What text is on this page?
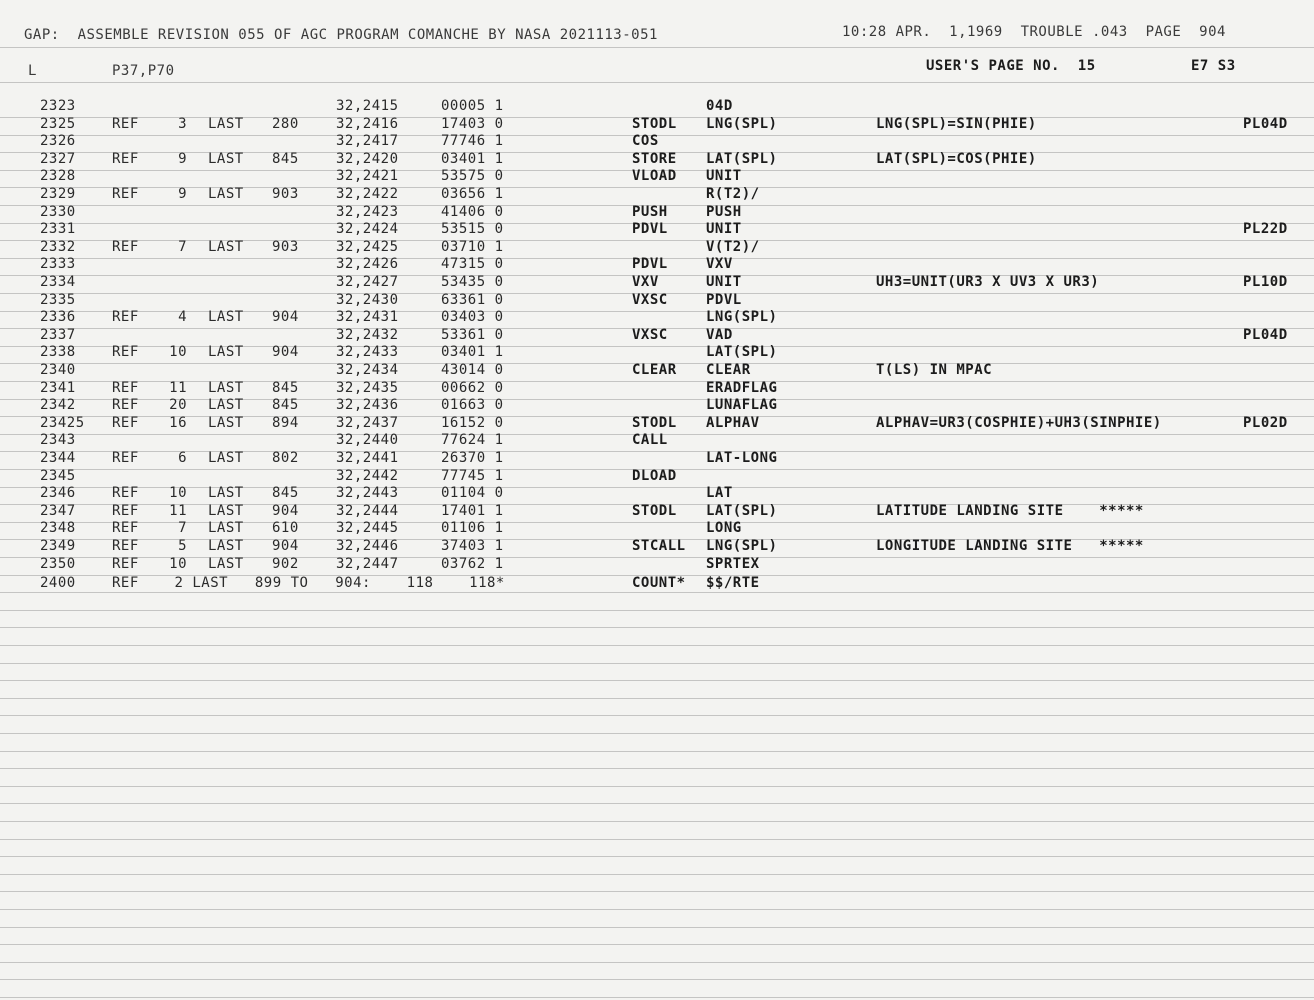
GAP:  ASSEMBLE REVISION 055 OF AGC PROGRAM COMANCHE BY NASA 2021113-051	10:28 APR.  1,1969  TROUBLE .043  PAGE  904
L	P37,P70	USER'S PAGE NO.  15	E7 S3
2323	32,2415	00005 1	04D
2325	REF	3 LAST 280	32,2416	17403 0	STODL LNG(SPL)	LNG(SPL)=SIN(PHIE)	PL04D
2326	32,2417	77746 1	COS
2327	REF	9 LAST 845	32,2420	03401 1	STORE LAT(SPL)	LAT(SPL)=COS(PHIE)
2328	32,2421	53575 0	VLOAD UNIT
2329	REF	9 LAST 903	32,2422	03656 1	R(T2)/
2330	32,2423	41406 0	PUSH	PUSH
2331	32,2424	53515 0	PDVL	UNIT	PL22D
2332	REF	7 LAST 903	32,2425	03710 1	V(T2)/
2333	32,2426	47315 0	PDVL	VXV
2334	32,2427	53435 0	VXV	UNIT	UH3=UNIT(UR3 X UV3 X UR3)	PL10D
2335	32,2430	63361 0	VXSC	PDVL
2336	REF	4 LAST 904	32,2431	03403 0	LNG(SPL)
2337	32,2432	53361 0	VXSC	VAD	PL04D
2338	REF 10 LAST 904	32,2433	03401 1	LAT(SPL)
2340	32,2434	43014 0	CLEAR CLEAR	T(LS) IN MPAC
2341	REF 11 LAST 845	32,2435	00662 0	ERADFLAG
2342	REF 20 LAST 845	32,2436	01663 0	LUNAFLAG
23425 REF 16 LAST 894	32,2437	16152 0	STODL ALPHAV	ALPHAV=UR3(COSPHIE)+UH3(SINPHIE)	PL02D
2343	32,2440	77624 1	CALL
2344	REF	6 LAST 802	32,2441	26370 1	LAT-LONG
2345	32,2442	77745 1	DLOAD
2346	REF 10 LAST 845	32,2443	01104 0	LAT
2347	REF 11 LAST 904	32,2444	17401 1	STODL LAT(SPL)	LATITUDE LANDING SITE    *****
2348	REF	7 LAST 610	32,2445	01106 1	LONG
2349	REF	5 LAST 904	32,2446	37403 1	STCALL LNG(SPL)	LONGITUDE LANDING SITE   *****
2350	REF 10 LAST 902	32,2447	03762 1	SPRTEX
2400	REF    2 LAST   899 TO   904:    118    118*	COUNT* $$/RTE
